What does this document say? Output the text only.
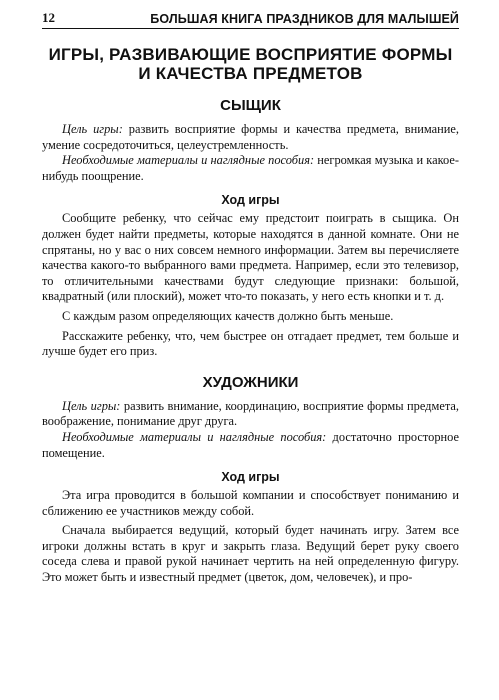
12	БОЛЬШАЯ КНИГА ПРАЗДНИКОВ ДЛЯ МАЛЫШЕЙ
ИГРЫ, РАЗВИВАЮЩИЕ ВОСПРИЯТИЕ ФОРМЫ
И КАЧЕСТВА ПРЕДМЕТОВ
СЫЩИК

Цель игры: развить восприятие формы и качества предмета, внимание, умение сосредоточиться, целеустремленность.

Необходимые материалы и наглядные пособия: негромкая музыка и какое-нибудь поощрение.

Ход игры

Сообщите ребенку, что сейчас ему предстоит поиграть в сыщика. Он должен будет найти предметы, которые находятся в данной комнате. Они не спрятаны, но у вас о них совсем немного информации. Затем вы перечисляете качества какого-то выбранного вами предмета. Например, если это телевизор, то отличительными качествами будут следующие признаки: большой, квадратный (или плоский), может что-то показать, у него есть кнопки и т. д.

С каждым разом определяющих качеств должно быть меньше.

Расскажите ребенку, что, чем быстрее он отгадает предмет, тем больше и лучше будет его приз.

ХУДОЖНИКИ

Цель игры: развить внимание, координацию, восприятие формы предмета, воображение, понимание друг друга.

Необходимые материалы и наглядные пособия: достаточно просторное помещение.

Ход игры

Эта игра проводится в большой компании и способствует пониманию и сближению ее участников между собой.

Сначала выбирается ведущий, который будет начинать игру. Затем все игроки должны встать в круг и закрыть глаза. Ведущий берет руку своего соседа слева и правой рукой начинает чертить на ней определенную фигуру. Это может быть и известный предмет (цветок, дом, человечек), и про-
